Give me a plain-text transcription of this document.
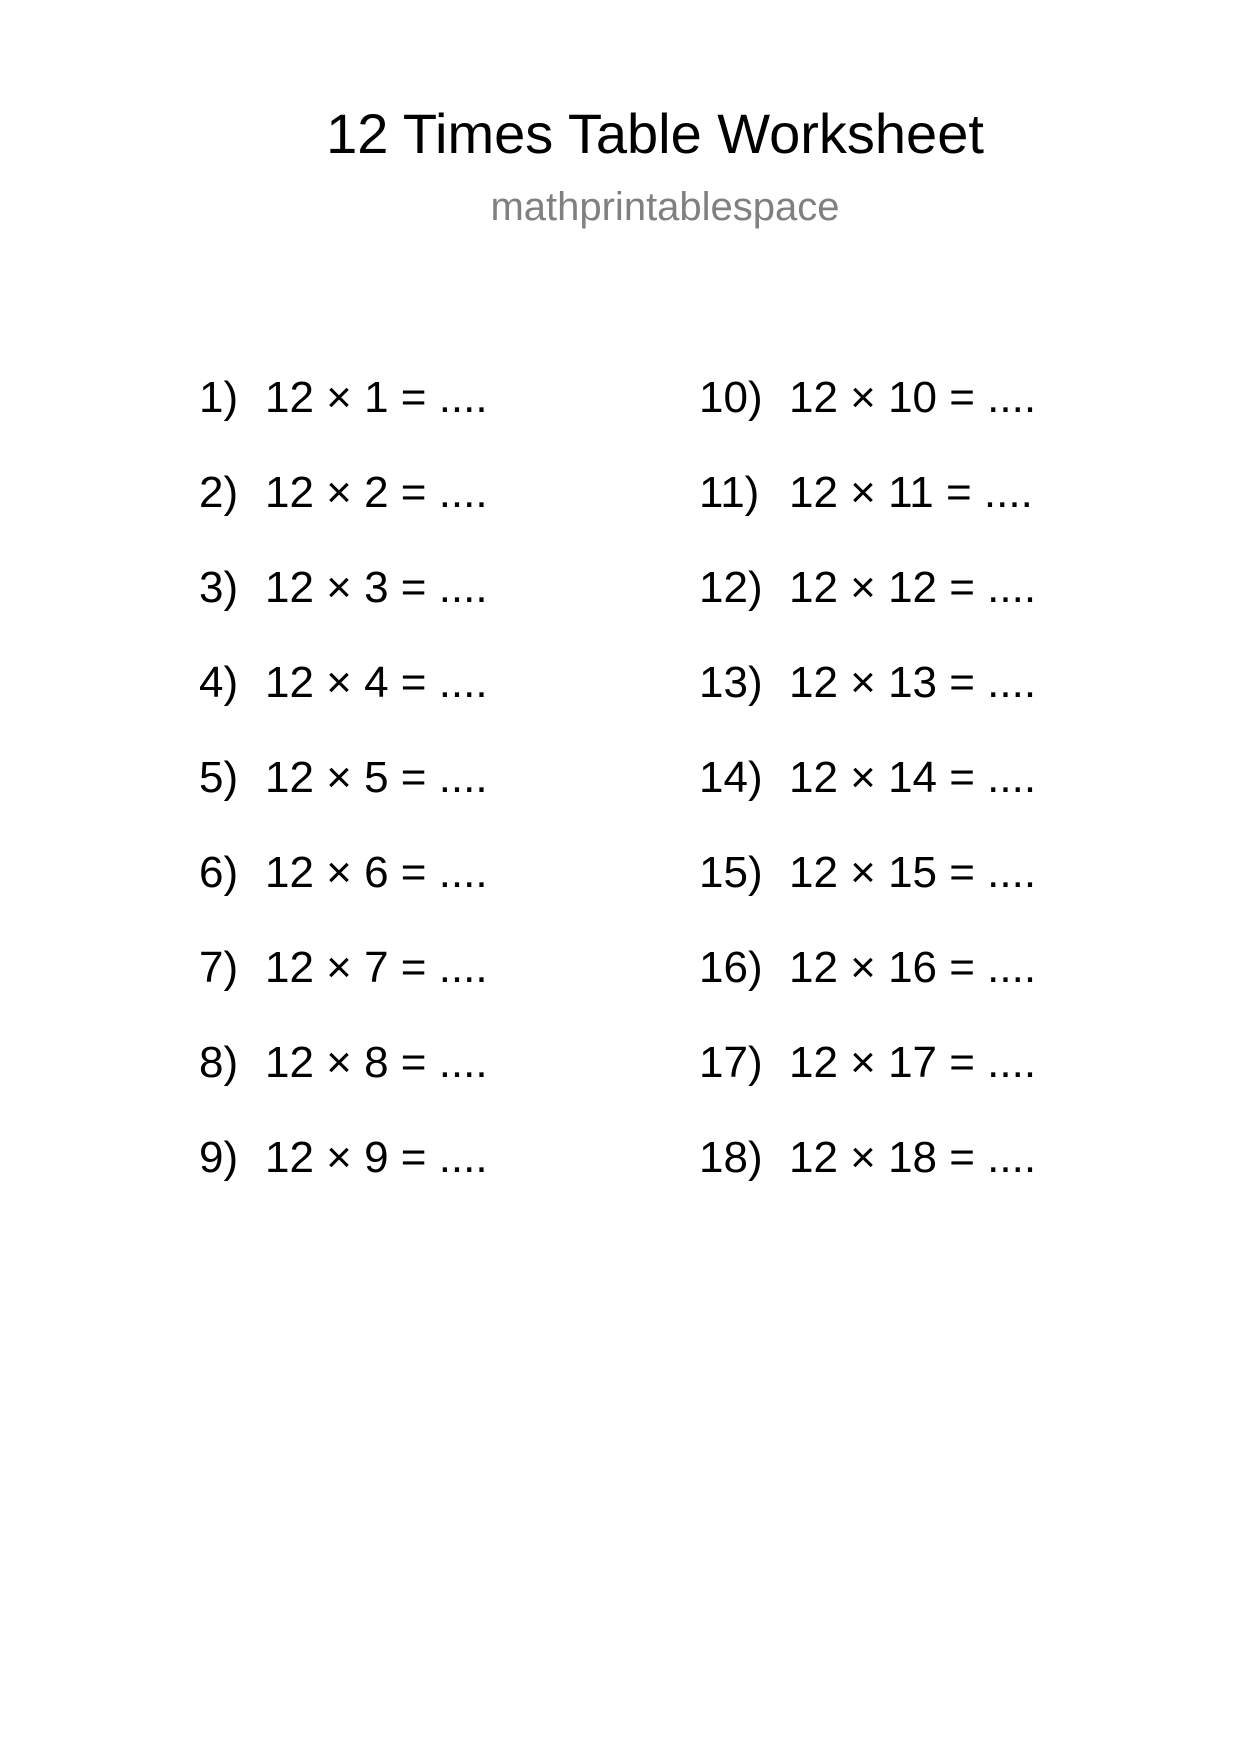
12 Times Table Worksheet
mathprintablespace
1) 12 × 1 = ....
2) 12 × 2 = ....
3) 12 × 3 = ....
4) 12 × 4 = ....
5) 12 × 5 = ....
6) 12 × 6 = ....
7) 12 × 7 = ....
8) 12 × 8 = ....
9) 12 × 9 = ....
10) 12 × 10 = ....
11) 12 × 11 = ....
12) 12 × 12 = ....
13) 12 × 13 = ....
14) 12 × 14 = ....
15) 12 × 15 = ....
16) 12 × 16 = ....
17) 12 × 17 = ....
18) 12 × 18 = ....
